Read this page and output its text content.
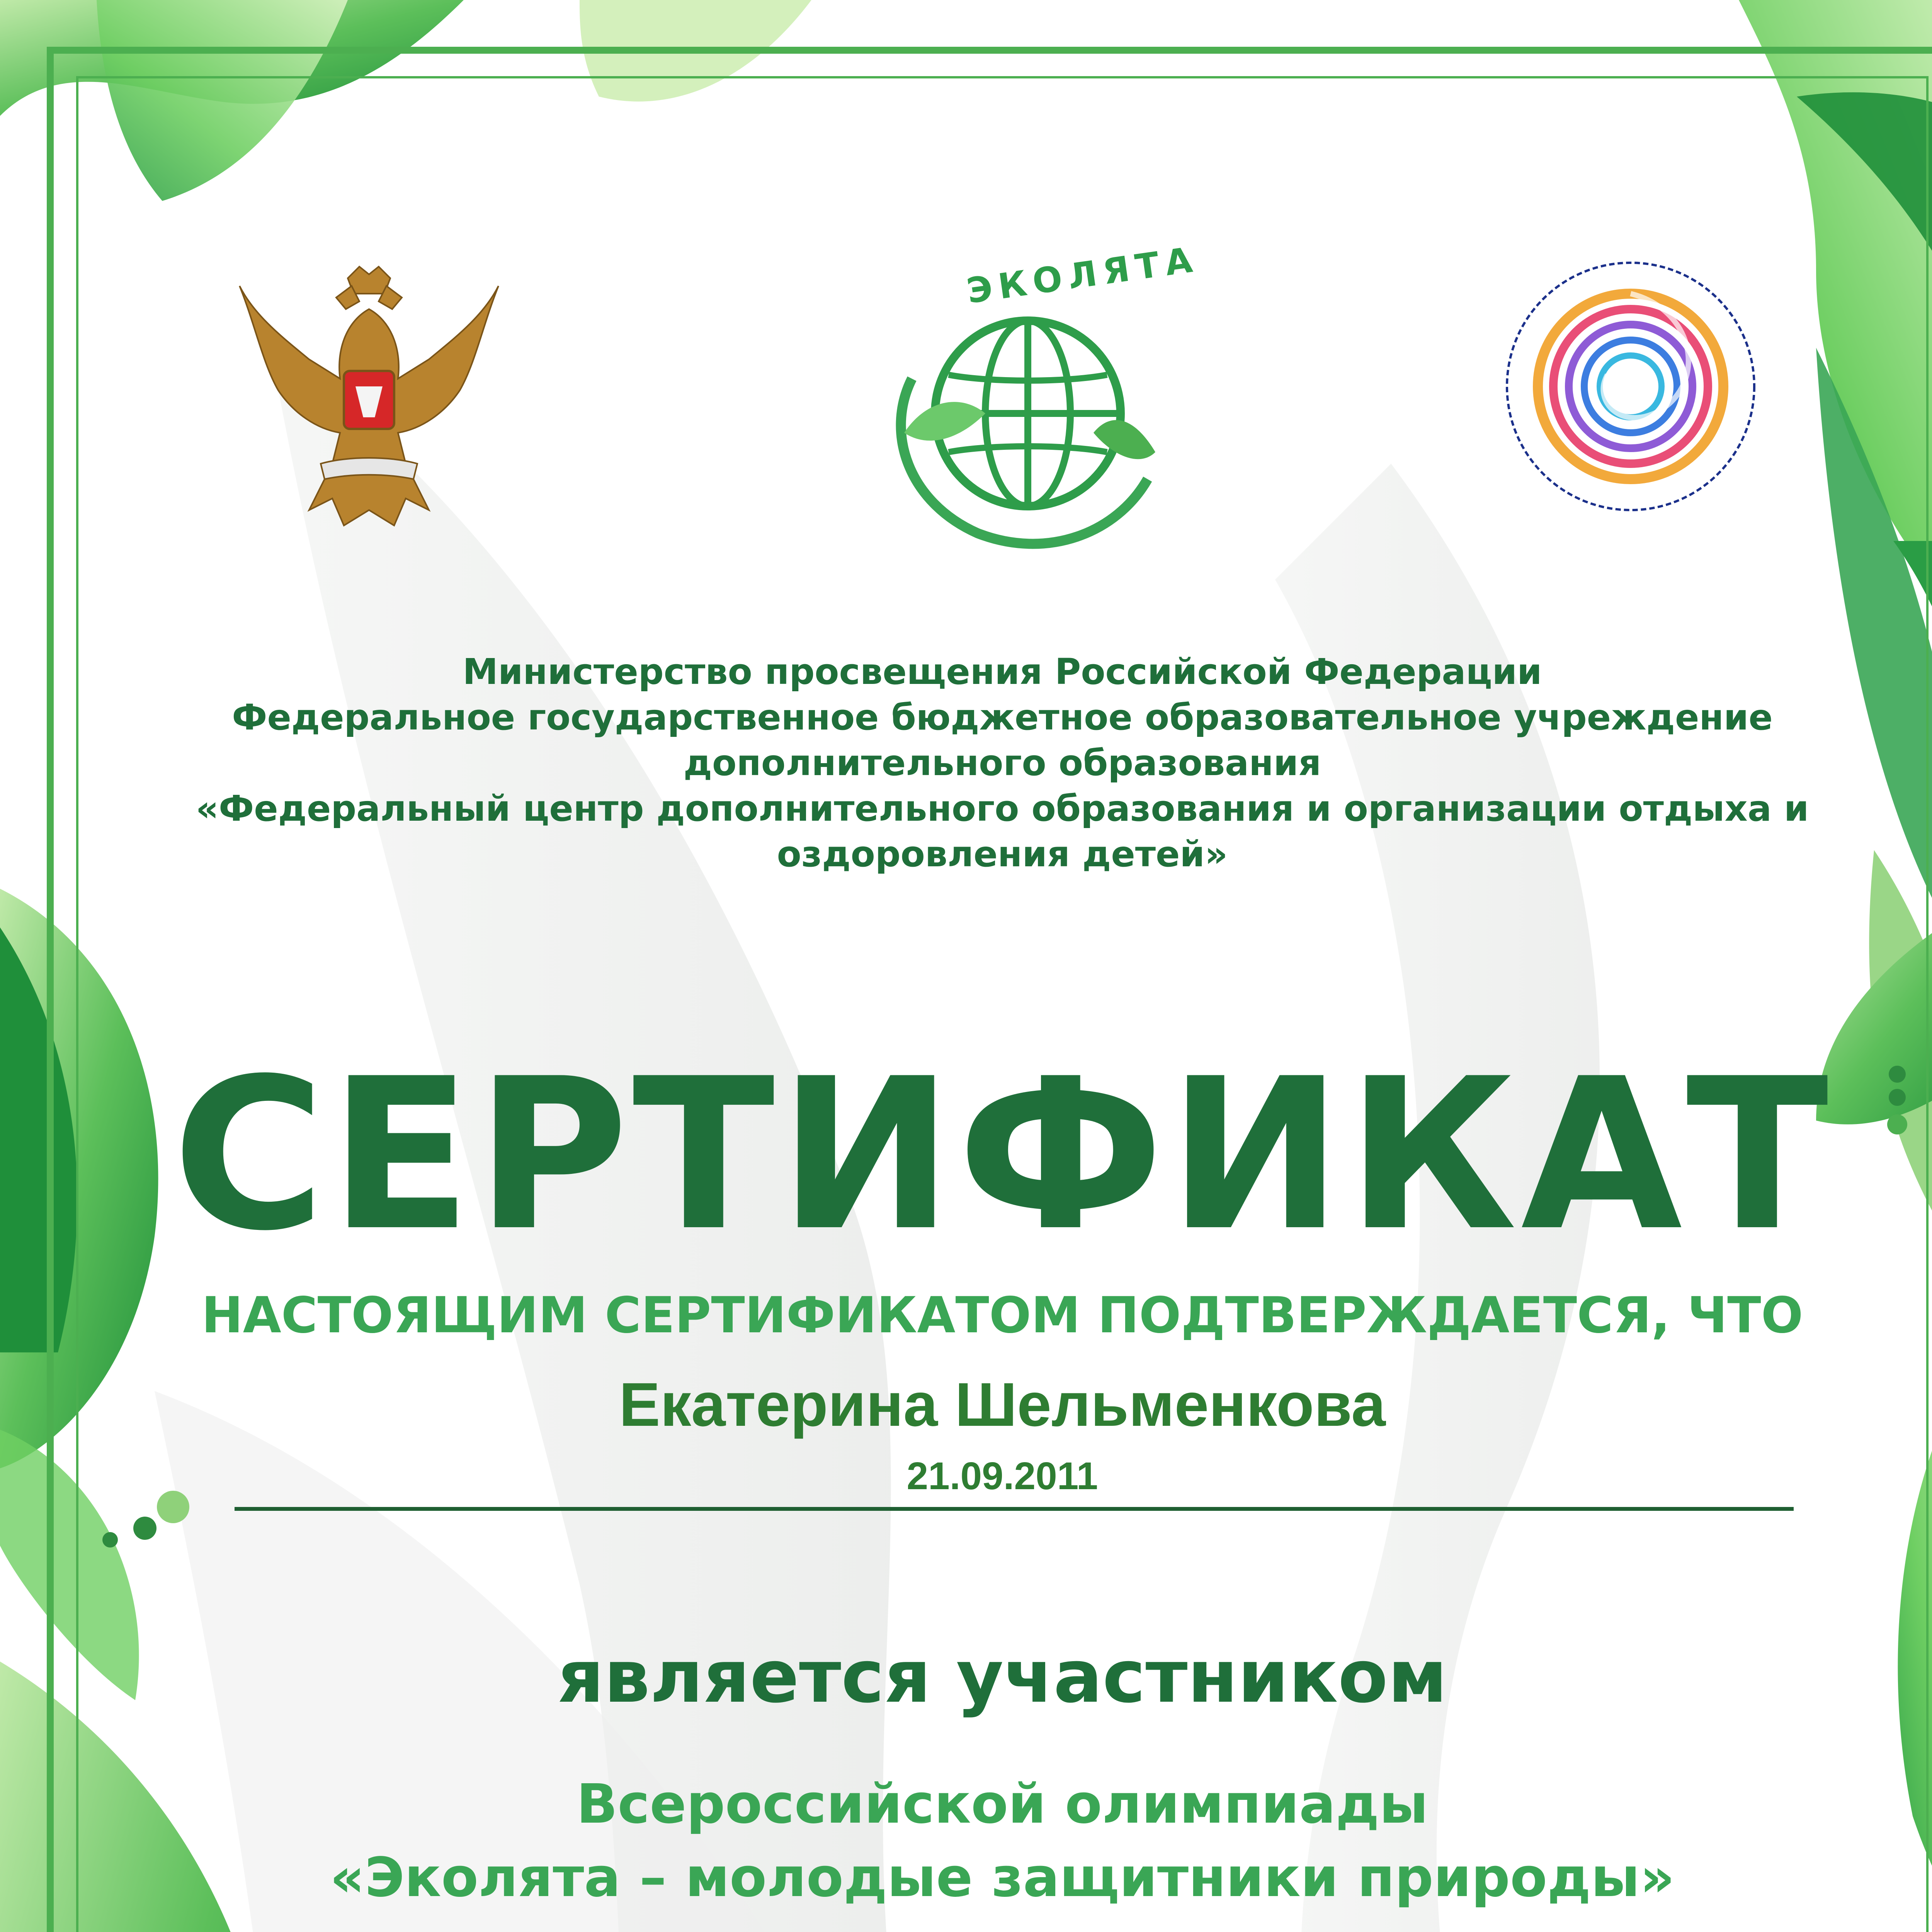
ЭКОЛЯТА
Министерство просвещения Российской Федерации
Федеральное государственное бюджетное образовательное учреждение
дополнительного образования
«Федеральный центр дополнительного образования и организации отдыха и
оздоровления детей»
СЕРТИФИКАТ
НАСТОЯЩИМ СЕРТИФИКАТОМ ПОДТВЕРЖДАЕТСЯ, ЧТО
Екатерина Шельменкова
21.09.2011
является участником
Всероссийской олимпиады
«Эколята – молодые защитники природы»
